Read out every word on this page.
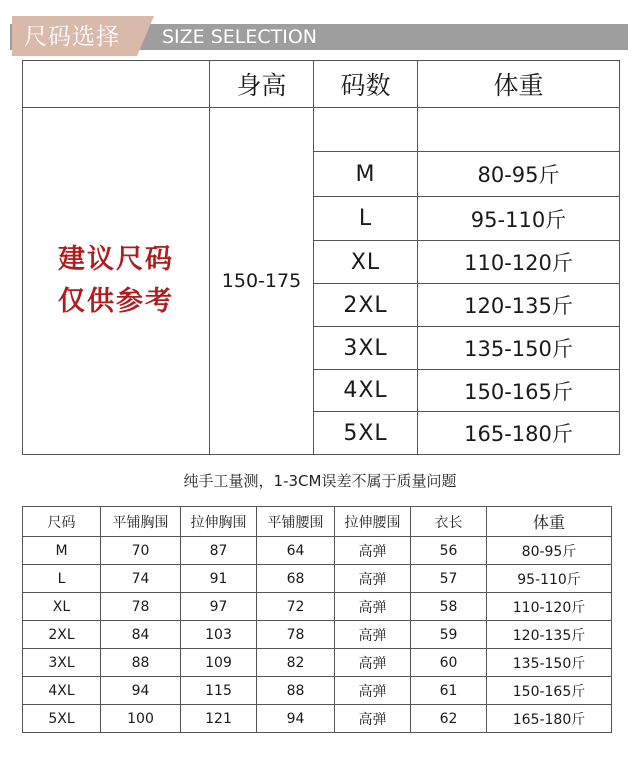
尺码选择 SIZE SELECTION
身高	码数	体重
建议尺码
仅供参考
150-175
M	80-95斤
L	95-110斤
XL	110-120斤
2XL	120-135斤
3XL	135-150斤
4XL	150-165斤
5XL	165-180斤
纯手工量测，1-3CM误差不属于质量问题
尺码	平铺胸围	拉伸胸围	平铺腰围	拉伸腰围	衣长	体重
M	70	87	64	高弹	56	80-95斤
L	74	91	68	高弹	57	95-110斤
XL	78	97	72	高弹	58	110-120斤
2XL	84	103	78	高弹	59	120-135斤
3XL	88	109	82	高弹	60	135-150斤
4XL	94	115	88	高弹	61	150-165斤
5XL	100	121	94	高弹	62	165-180斤
